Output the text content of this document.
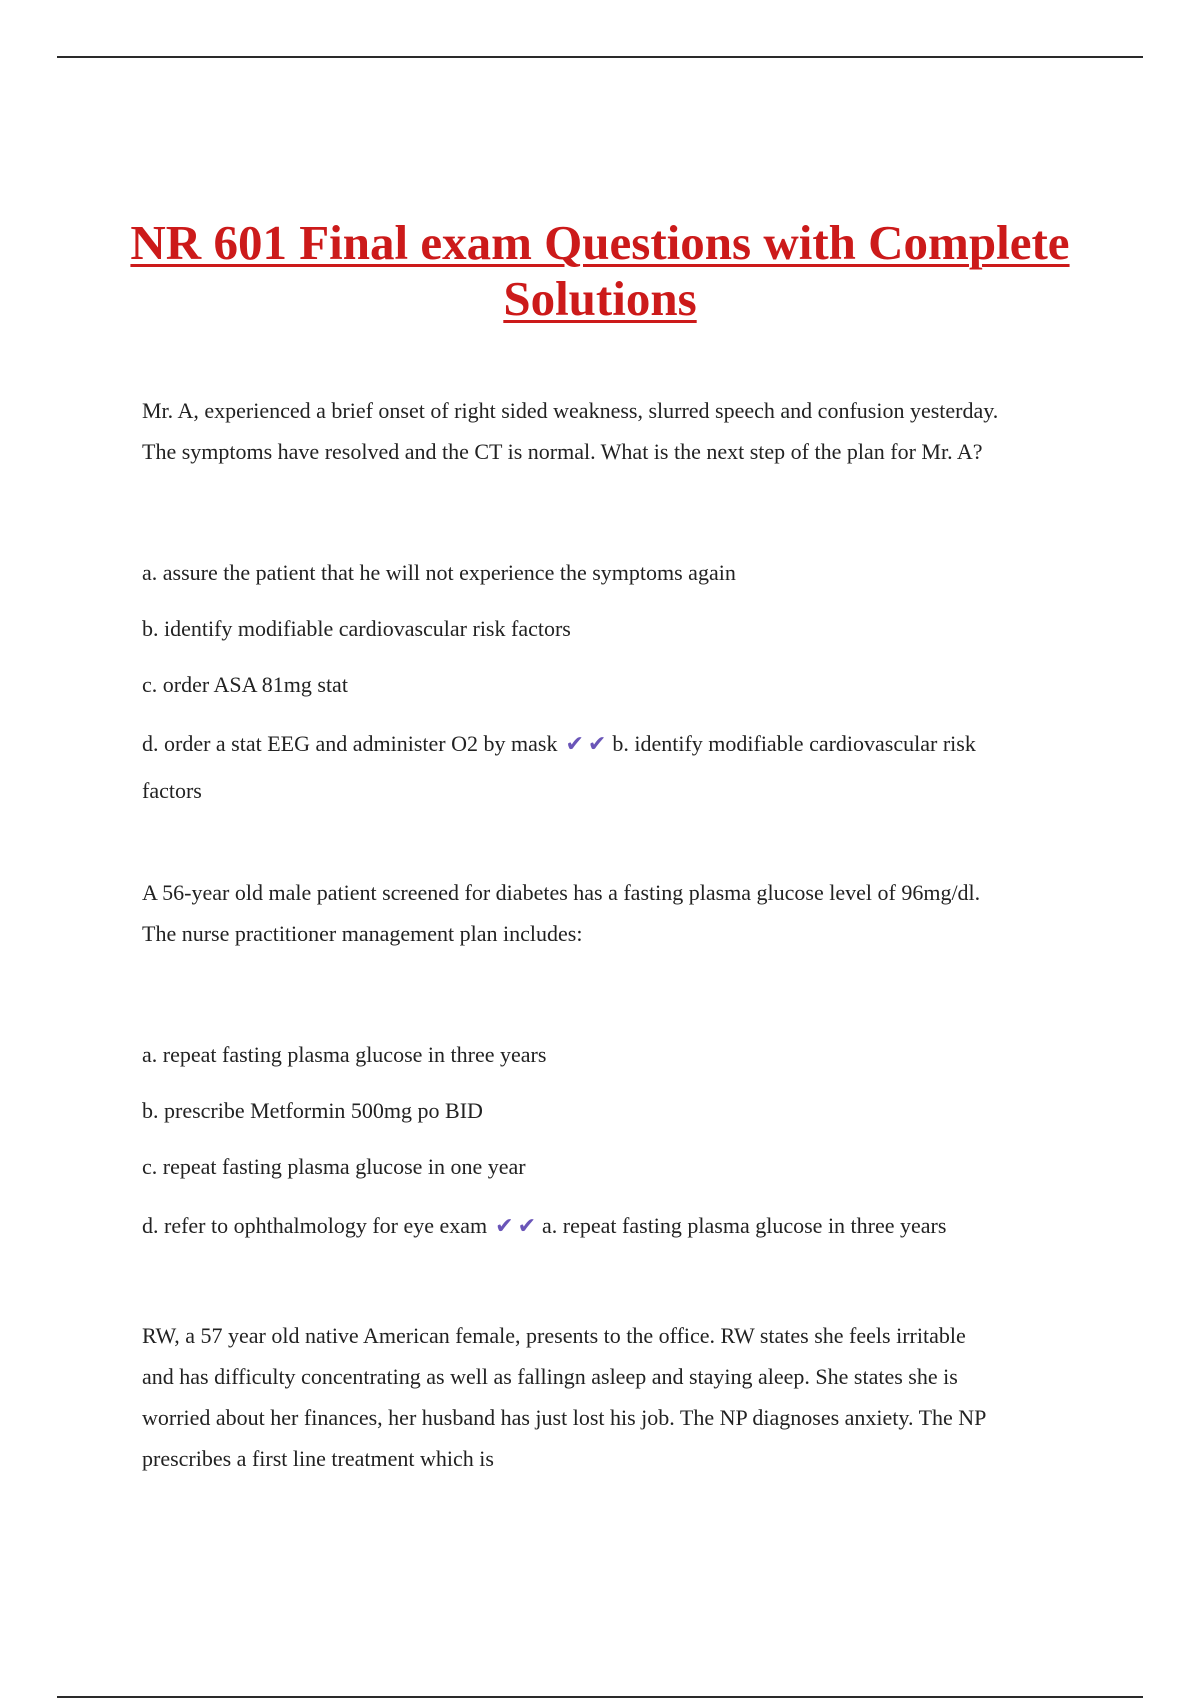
NR 601 Final exam Questions with Complete
Solutions
Mr. A, experienced a brief onset of right sided weakness, slurred speech and confusion yesterday.
The symptoms have resolved and the CT is normal. What is the next step of the plan for Mr. A?
a. assure the patient that he will not experience the symptoms again
b. identify modifiable cardiovascular risk factors
c. order ASA 81mg stat
d. order a stat EEG and administer O2 by mask ✔ ✔ b. identify modifiable cardiovascular risk
factors
A 56-year old male patient screened for diabetes has a fasting plasma glucose level of 96mg/dl.
The nurse practitioner management plan includes:
a. repeat fasting plasma glucose in three years
b. prescribe Metformin 500mg po BID
c. repeat fasting plasma glucose in one year
d. refer to ophthalmology for eye exam ✔ ✔ a. repeat fasting plasma glucose in three years
RW, a 57 year old native American female, presents to the office. RW states she feels irritable
and has difficulty concentrating as well as fallingn asleep and staying aleep. She states she is
worried about her finances, her husband has just lost his job. The NP diagnoses anxiety. The NP
prescribes a first line treatment which is
